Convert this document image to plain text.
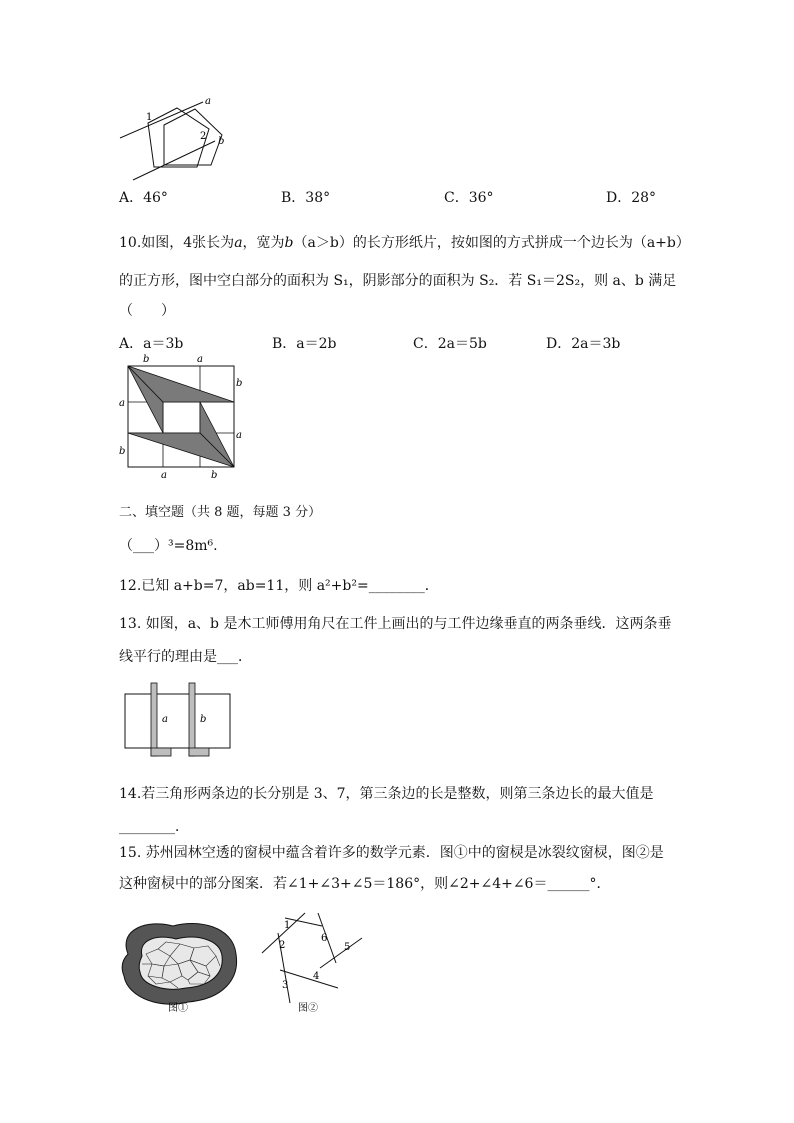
1
2
a
b
A．46°	B．38°	C．36°	D．28°
10.如图，4张长为a，宽为b（a＞b）的长方形纸片，按如图的方式拼成一个边长为（a+b）
的正方形，图中空白部分的面积为 S₁，阴影部分的面积为 S₂．若 S₁＝2S₂，则 a、b 满足
（　　）
A．a＝3b	B．a＝2b	C．2a＝5b	D．2a＝3b
b	a
b
a
a
b
a	b
二、填空题（共 8 题，每题 3 分）
（___）³=8m⁶.
12.已知 a+b=7，ab=11，则 a²+b²=________．
13. 如图，a、b 是木工师傅用角尺在工件上画出的与工件边缘垂直的两条垂线．这两条垂
线平行的理由是___．
a	b
14.若三角形两条边的长分别是 3、7，第三条边的长是整数，则第三条边长的最大值是
________．
15. 苏州园林空透的窗棂中蕴含着许多的数学元素．图①中的窗棂是冰裂纹窗棂，图②是
这种窗棂中的部分图案．若∠1+∠3+∠5＝186°，则∠2+∠4+∠6＝______°．
图①
1
2
3
4
5
6
图②
